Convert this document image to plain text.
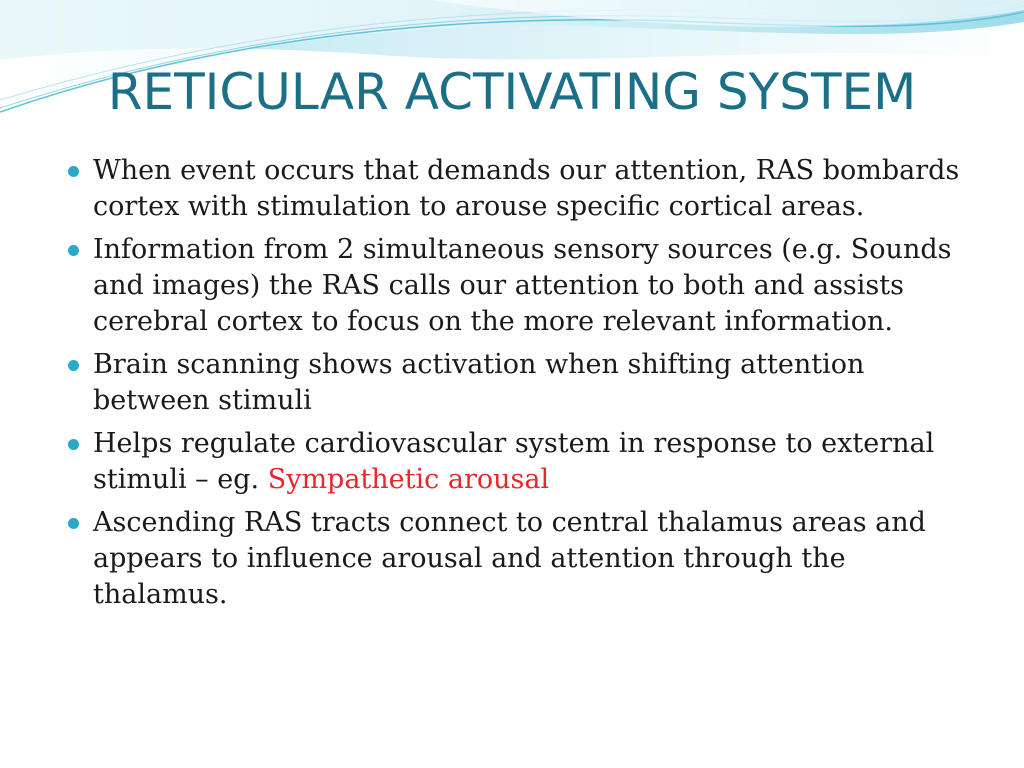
RETICULAR ACTIVATING SYSTEM
When event occurs that demands our attention, RAS bombards cortex with stimulation to arouse specific cortical areas.
Information from 2 simultaneous sensory sources (e.g. Sounds and images) the RAS calls our attention to both and assists cerebral cortex to focus on the more relevant information.
Brain scanning shows activation when shifting attention between stimuli
Helps regulate cardiovascular system in response to external stimuli – eg. Sympathetic arousal
Ascending RAS tracts connect to central thalamus areas and appears to influence arousal and attention through the thalamus.
